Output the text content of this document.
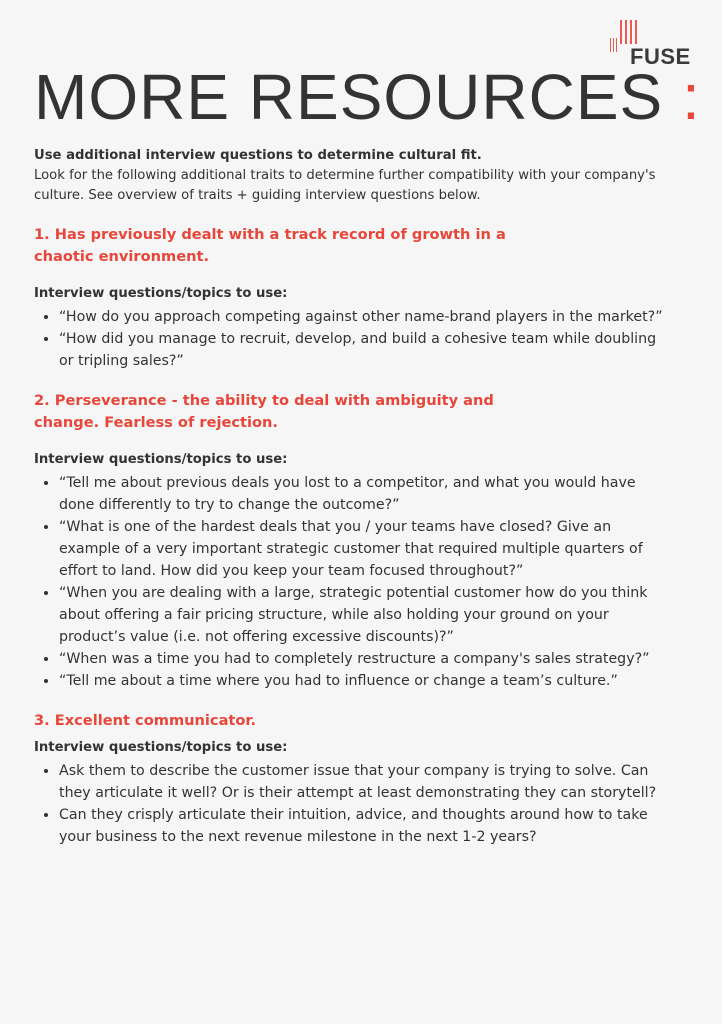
FUSE
MORE RESOURCES :

Use additional interview questions to determine cultural fit.
Look for the following additional traits to determine further compatibility with your company's culture. See overview of traits + guiding interview questions below.

1. Has previously dealt with a track record of growth in a chaotic environment.
Interview questions/topics to use:
• “How do you approach competing against other name-brand players in the market?”
• “How did you manage to recruit, develop, and build a cohesive team while doubling or tripling sales?”
2. Perseverance - the ability to deal with ambiguity and change. Fearless of rejection.
Interview questions/topics to use:
• “Tell me about previous deals you lost to a competitor, and what you would have done differently to try to change the outcome?”
• “What is one of the hardest deals that you / your teams have closed? Give an example of a very important strategic customer that required multiple quarters of effort to land. How did you keep your team focused throughout?”
• “When you are dealing with a large, strategic potential customer how do you think about offering a fair pricing structure, while also holding your ground on your product’s value (i.e. not offering excessive discounts)?”
• “When was a time you had to completely restructure a company's sales strategy?”
• “Tell me about a time where you had to influence or change a team’s culture.”
3. Excellent communicator.
Interview questions/topics to use:
• Ask them to describe the customer issue that your company is trying to solve. Can they articulate it well? Or is their attempt at least demonstrating they can storytell?
• Can they crisply articulate their intuition, advice, and thoughts around how to take your business to the next revenue milestone in the next 1-2 years?
